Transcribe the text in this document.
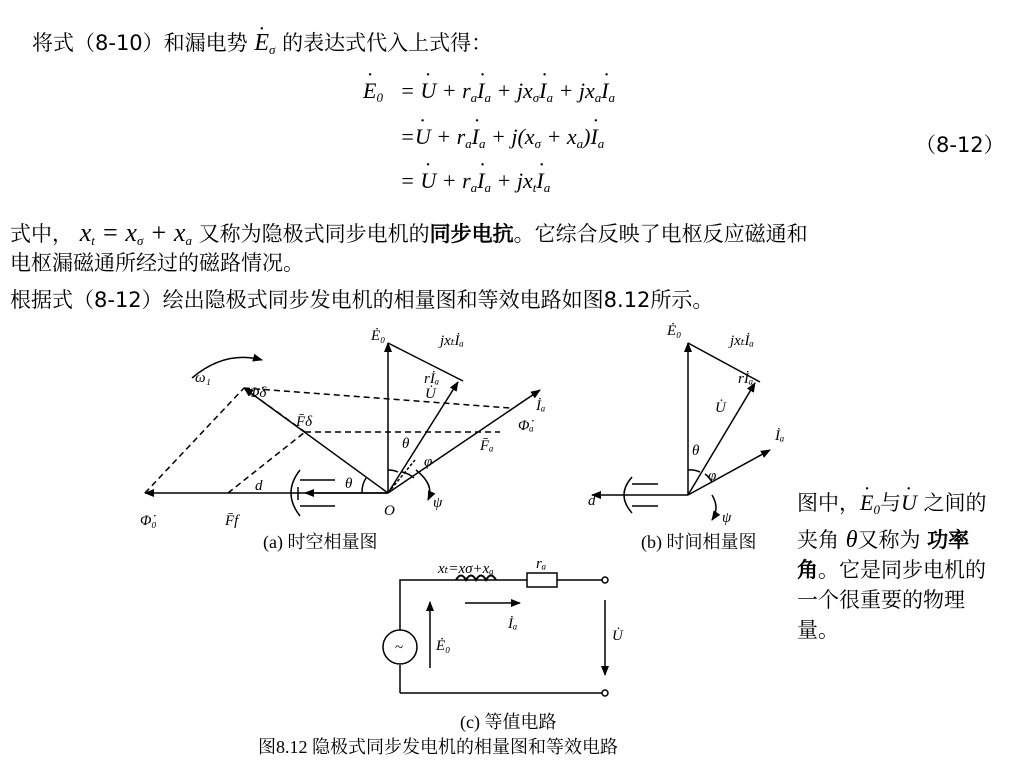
将式（8-10）和漏电势 · $E_\sigma$ 的表达式代入上式得：
· $E_0$ = · $U + r_a\cdot I_a + jx_\sigma\cdot I_a + jx_a\cdot I_a$
=· $U + r_a\cdot I_a + j(x_\sigma + x_a)\cdot I_a$
= · $U + r_a\cdot I_a + jx_t\cdot I_a$
（8-12）
式中， $x_t = x_\sigma + x_a$ 又称为隐极式同步电机的同步电抗。它综合反映了电枢反应磁通和
电枢漏磁通所经过的磁路情况。
根据式（8-12）绘出隐极式同步发电机的相量图和等效电路如图8.12所示。
图中，· $E_0$与· U 之间的夹角 θ又称为 功率角。它是同步电机的一个很重要的物理量。
Ė₀	jxₜİₐ
rİₐ
U̇
İₐ
Φ̇ₐ
Φ̇δ
F̄δ
F̄ₐ
Φ̇₀	F̄f
ω₁
θ
θ
φ
ψ
O
d
(a) 时空相量图
Ė₀
jxₜİₐ
rİₐ
U̇
İₐ
θ
φ
ψ
d
(b) 时间相量图
xₜ=xσ+xₐ	rₐ
~ Ė₀
İₐ
U̇
(c) 等值电路
图8.12 隐极式同步发电机的相量图和等效电路
